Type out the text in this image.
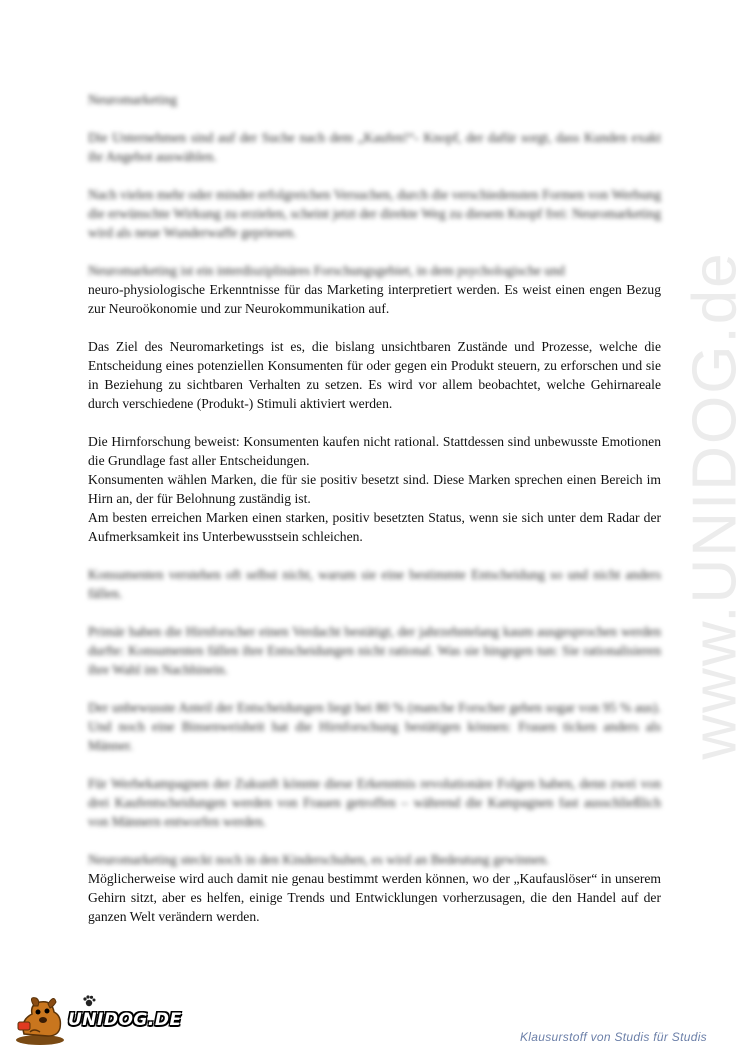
www.UNIDOG.de

Neuromarketing

Die Unternehmen sind auf der Suche nach dem „Kaufen!“- Knopf, der dafür sorgt, dass Kunden exakt ihr Angebot auswählen.

Nach vielen mehr oder minder erfolgreichen Versuchen, durch die verschiedensten Formen von Werbung die erwünschte Wirkung zu erzielen, scheint jetzt der direkte Weg zu diesem Knopf frei: Neuromarketing wird als neue Wunderwaffe gepriesen.

Neuromarketing ist ein interdisziplinäres Forschungsgebiet, in dem psychologische und
neuro-physiologische Erkenntnisse für das Marketing interpretiert werden. Es weist einen engen Bezug zur Neuroökonomie und zur Neurokommunikation auf.

Das Ziel des Neuromarketings ist es, die bislang unsichtbaren Zustände und Prozesse, welche die Entscheidung eines potenziellen Konsumenten für oder gegen ein Produkt steuern, zu erforschen und sie in Beziehung zu sichtbaren Verhalten zu setzen. Es wird vor allem beobachtet, welche Gehirnareale durch verschiedene (Produkt-) Stimuli aktiviert werden.

Die Hirnforschung beweist: Konsumenten kaufen nicht rational. Stattdessen sind unbewusste Emotionen die Grundlage fast aller Entscheidungen.
Konsumenten wählen Marken, die für sie positiv besetzt sind. Diese Marken sprechen einen Bereich im Hirn an, der für Belohnung zuständig ist.
Am besten erreichen Marken einen starken, positiv besetzten Status, wenn sie sich unter dem Radar der Aufmerksamkeit ins Unterbewusstsein schleichen.

Konsumenten verstehen oft selbst nicht, warum sie eine bestimmte Entscheidung so und nicht anders fällen.

Primär haben die Hirnforscher einen Verdacht bestätigt, der jahrzehntelang kaum ausgesprochen werden durfte: Konsumenten fällen ihre Entscheidungen nicht rational. Was sie hingegen tun: Sie rationalisieren ihre Wahl im Nachhinein.

Der unbewusste Anteil der Entscheidungen liegt bei 80 % (manche Forscher gehen sogar von 95 % aus). Und noch eine Binsenweisheit hat die Hirnforschung bestätigen können: Frauen ticken anders als Männer.

Für Werbekampagnen der Zukunft könnte diese Erkenntnis revolutionäre Folgen haben, denn zwei von drei Kaufentscheidungen werden von Frauen getroffen – während die Kampagnen fast ausschließlich von Männern entworfen werden.

Neuromarketing steckt noch in den Kinderschuhen, es wird an Bedeutung gewinnen.
Möglicherweise wird auch damit nie genau bestimmt werden können, wo der „Kaufauslöser“ in unserem Gehirn sitzt, aber es helfen, einige Trends und Entwicklungen vorherzusagen, die den Handel auf der ganzen Welt verändern werden.

UNIDOG.DE
Klausurstoff von Studis für Studis
